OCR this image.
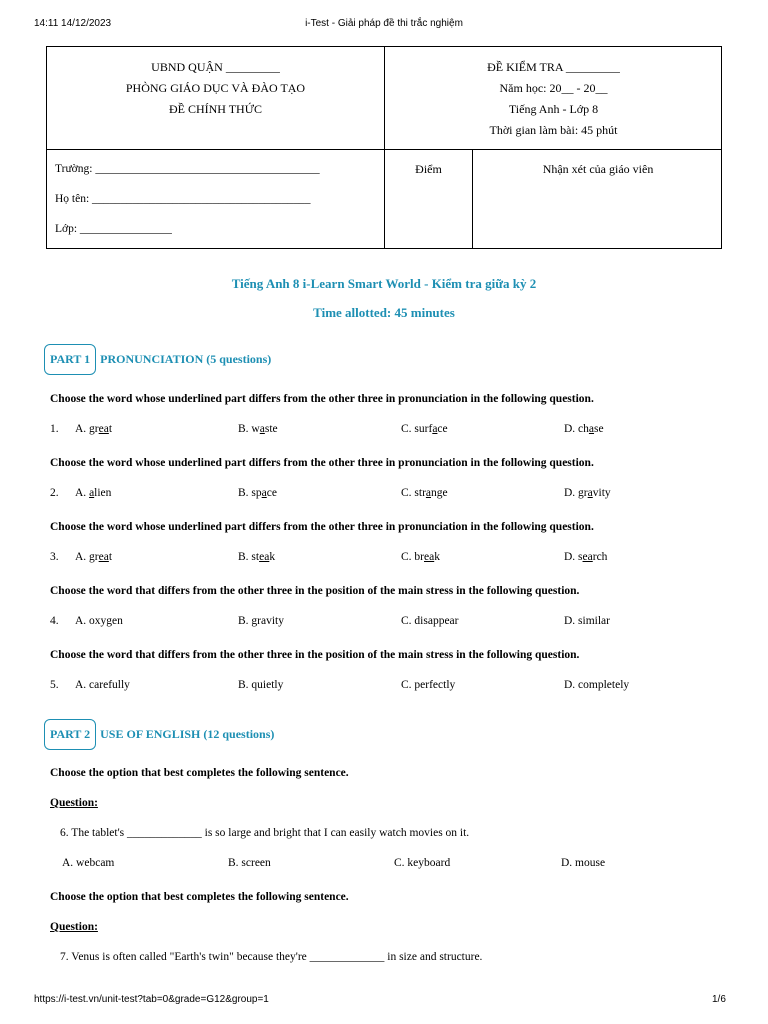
14:11 14/12/2023	i-Test - Giải pháp đề thi trắc nghiệm
UBND QUẬN _________
PHÒNG GIÁO DỤC VÀ ĐÀO TẠO
ĐỀ CHÍNH THỨC
ĐỀ KIỂM TRA _________
Năm học: 20__ - 20__
Tiếng Anh - Lớp 8
Thời gian làm bài: 45 phút
Trường: _______________________________________
Họ tên: ______________________________________
Lớp: ________________
Điểm	Nhận xét của giáo viên
Tiếng Anh 8 i-Learn Smart World - Kiểm tra giữa kỳ 2
Time allotted: 45 minutes
PART 1 PRONUNCIATION (5 questions)
Choose the word whose underlined part differs from the other three in pronunciation in the following question.
1. A. great	B. waste	C. surface	D. chase
Choose the word whose underlined part differs from the other three in pronunciation in the following question.
2. A. alien	B. space	C. strange	D. gravity
Choose the word whose underlined part differs from the other three in pronunciation in the following question.
3. A. great	B. steak	C. break	D. search
Choose the word that differs from the other three in the position of the main stress in the following question.
4. A. oxygen	B. gravity	C. disappear	D. similar
Choose the word that differs from the other three in the position of the main stress in the following question.
5. A. carefully	B. quietly	C. perfectly	D. completely
PART 2 USE OF ENGLISH (12 questions)
Choose the option that best completes the following sentence.
Question:
6. The tablet's _____________ is so large and bright that I can easily watch movies on it.
A. webcam	B. screen	C. keyboard	D. mouse
Choose the option that best completes the following sentence.
Question:
7. Venus is often called "Earth's twin" because they're _____________ in size and structure.
https://i-test.vn/unit-test?tab=0&grade=G12&group=1	1/6
